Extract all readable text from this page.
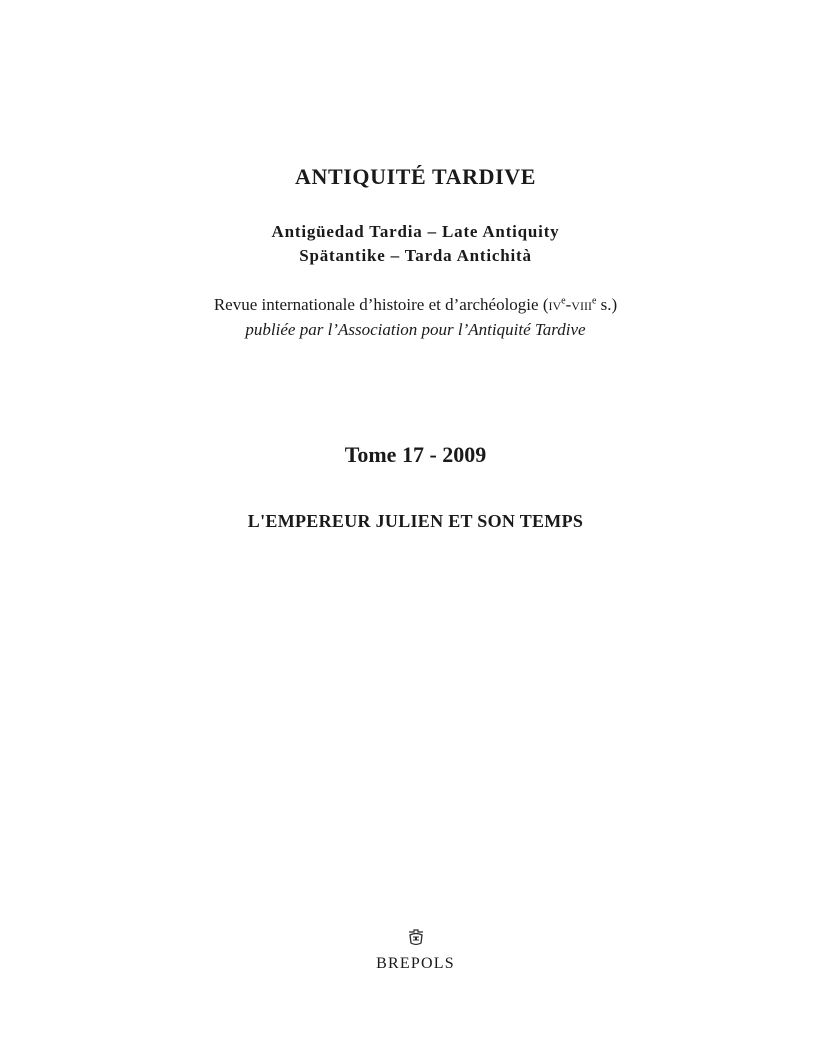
ANTIQUITÉ TARDIVE
Antigüedad Tardia – Late Antiquity
Spätantike – Tarda Antichità
Revue internationale d’histoire et d’archéologie ($iv^e-viii^e$ s.)
publiée par l’Association pour l’Antiquité Tardive
Tome 17 - 2009
L'EMPEREUR JULIEN ET SON TEMPS
BREPOLS
